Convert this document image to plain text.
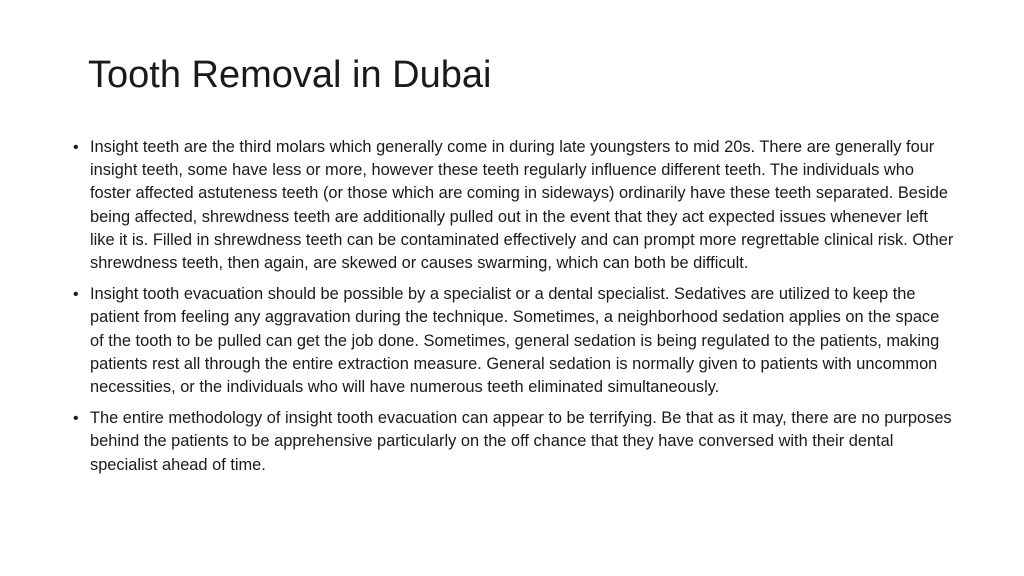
Tooth Removal in Dubai
• Insight teeth are the third molars which generally come in during late youngsters to mid 20s. There are generally four insight teeth, some have less or more, however these teeth regularly influence different teeth. The individuals who foster affected astuteness teeth (or those which are coming in sideways) ordinarily have these teeth separated. Beside being affected, shrewdness teeth are additionally pulled out in the event that they act expected issues whenever left like it is. Filled in shrewdness teeth can be contaminated effectively and can prompt more regrettable clinical risk. Other shrewdness teeth, then again, are skewed or causes swarming, which can both be difficult.
• Insight tooth evacuation should be possible by a specialist or a dental specialist. Sedatives are utilized to keep the patient from feeling any aggravation during the technique. Sometimes, a neighborhood sedation applies on the space of the tooth to be pulled can get the job done. Sometimes, general sedation is being regulated to the patients, making patients rest all through the entire extraction measure. General sedation is normally given to patients with uncommon necessities, or the individuals who will have numerous teeth eliminated simultaneously.
• The entire methodology of insight tooth evacuation can appear to be terrifying. Be that as it may, there are no purposes behind the patients to be apprehensive particularly on the off chance that they have conversed with their dental specialist ahead of time.
